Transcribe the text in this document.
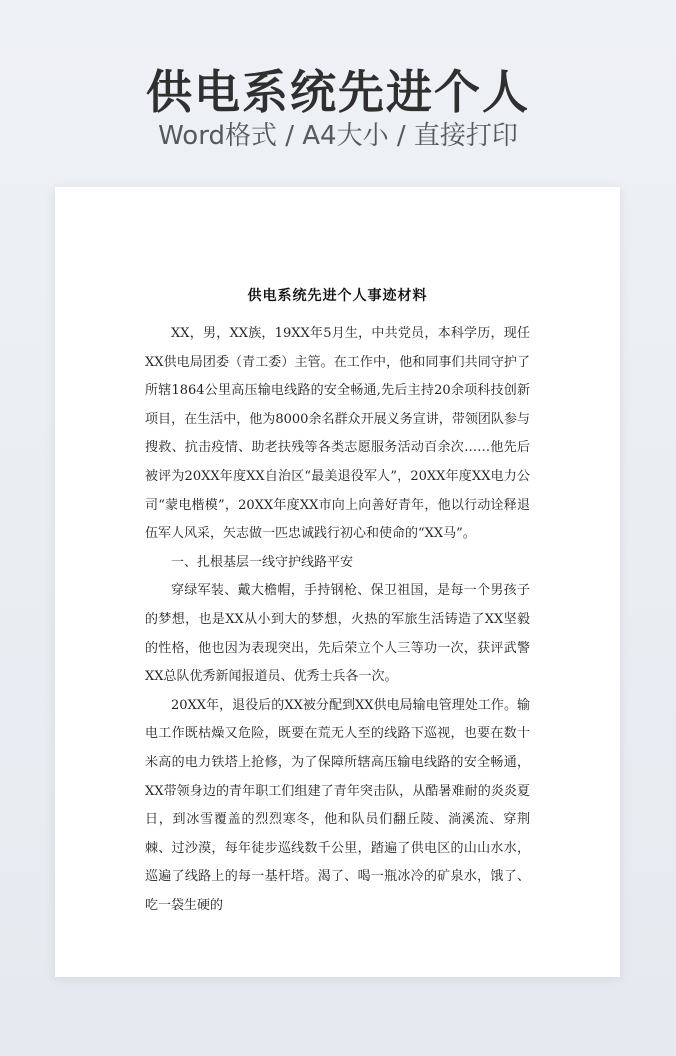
供电系统先进个人
Word格式 / A4大小 / 直接打印
供电系统先进个人事迹材料

XX，男，XX族，19XX年5月生，中共党员，本科学历，现任XX供电局团委（青工委）主管。在工作中，他和同事们共同守护了所辖1864公里高压输电线路的安全畅通,先后主持20余项科技创新项目，在生活中，他为8000余名群众开展义务宣讲，带领团队参与搜救、抗击疫情、助老扶残等各类志愿服务活动百余次……他先后被评为20XX年度XX自治区“最美退役军人”，20XX年度XX电力公司“蒙电楷模”，20XX年度XX市向上向善好青年，他以行动诠释退伍军人风采，矢志做一匹忠诚践行初心和使命的“XX马”。

一、扎根基层一线守护线路平安

穿绿军装、戴大檐帽，手持钢枪、保卫祖国，是每一个男孩子的梦想，也是XX从小到大的梦想，火热的军旅生活铸造了XX坚毅的性格，他也因为表现突出，先后荣立个人三等功一次，获评武警XX总队优秀新闻报道员、优秀士兵各一次。

20XX年，退役后的XX被分配到XX供电局输电管理处工作。输电工作既枯燥又危险，既要在荒无人至的线路下巡视，也要在数十米高的电力铁塔上抢修，为了保障所辖高压输电线路的安全畅通，XX带领身边的青年职工们组建了青年突击队，从酷暑难耐的炎炎夏日，到冰雪覆盖的烈烈寒冬，他和队员们翻丘陵、淌溪流、穿荆棘、过沙漠，每年徒步巡线数千公里，踏遍了供电区的山山水水，巡遍了线路上的每一基杆塔。渴了、喝一瓶冰冷的矿泉水，饿了、吃一袋生硬的
